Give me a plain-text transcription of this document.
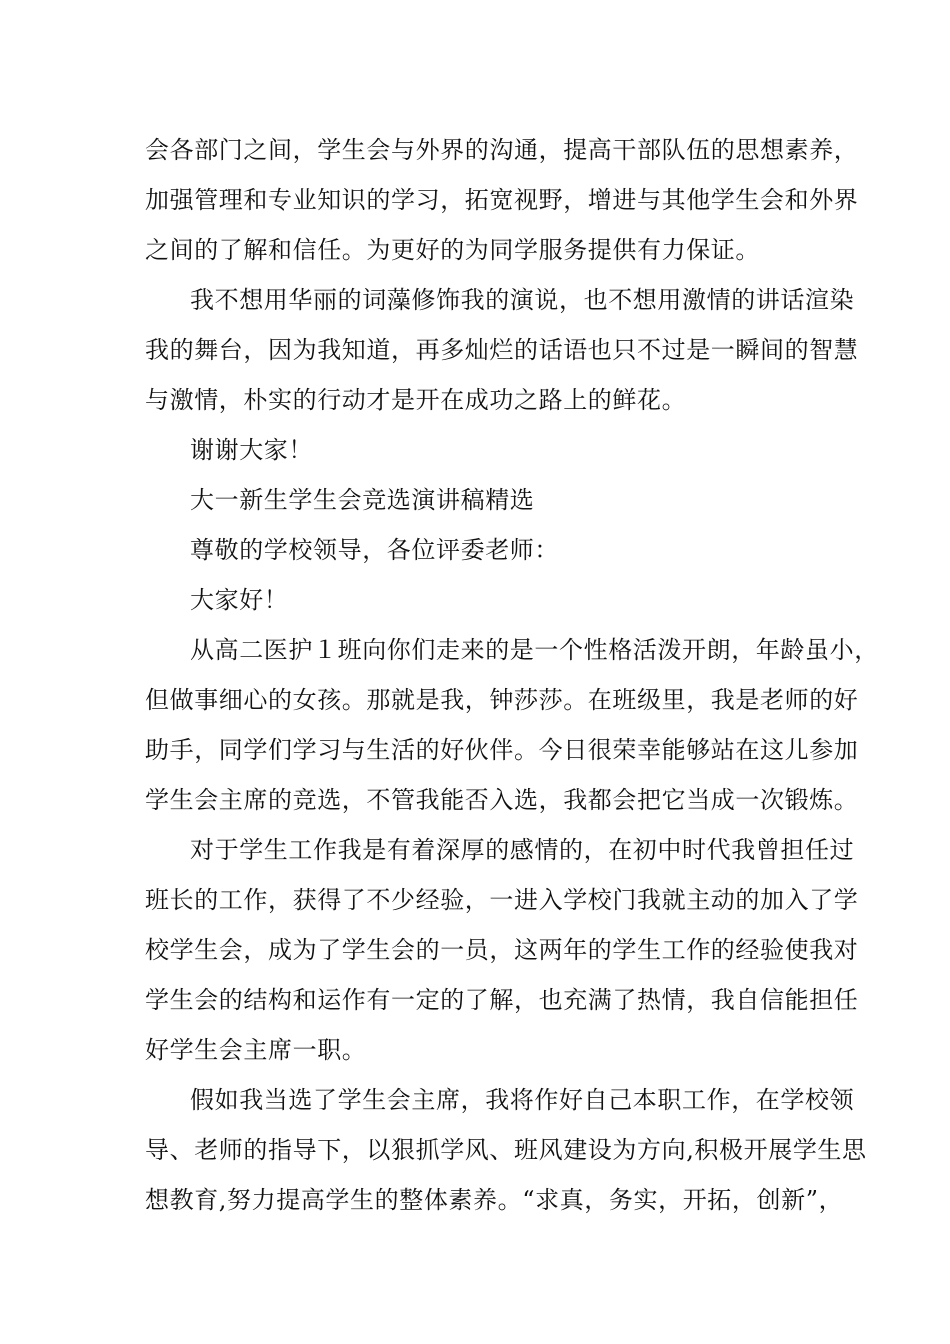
会各部门之间，学生会与外界的沟通，提高干部队伍的思想素养，
加强管理和专业知识的学习，拓宽视野，增进与其他学生会和外界
之间的了解和信任。为更好的为同学服务提供有力保证。
我不想用华丽的词藻修饰我的演说，也不想用激情的讲话渲染
我的舞台，因为我知道，再多灿烂的话语也只不过是一瞬间的智慧
与激情，朴实的行动才是开在成功之路上的鲜花。
谢谢大家！
大一新生学生会竞选演讲稿精选
尊敬的学校领导，各位评委老师：
大家好！
从高二医护１班向你们走来的是一个性格活泼开朗，年龄虽小，
但做事细心的女孩。那就是我，钟莎莎。在班级里，我是老师的好
助手，同学们学习与生活的好伙伴。今日很荣幸能够站在这儿参加
学生会主席的竞选，不管我能否入选，我都会把它当成一次锻炼。
对于学生工作我是有着深厚的感情的，在初中时代我曾担任过
班长的工作，获得了不少经验，一进入学校门我就主动的加入了学
校学生会，成为了学生会的一员，这两年的学生工作的经验使我对
学生会的结构和运作有一定的了解，也充满了热情，我自信能担任
好学生会主席一职。
假如我当选了学生会主席，我将作好自己本职工作，在学校领
导、老师的指导下，以狠抓学风、班风建设为方向,积极开展学生思
想教育,努力提高学生的整体素养。“求真，务实，开拓，创新”，
